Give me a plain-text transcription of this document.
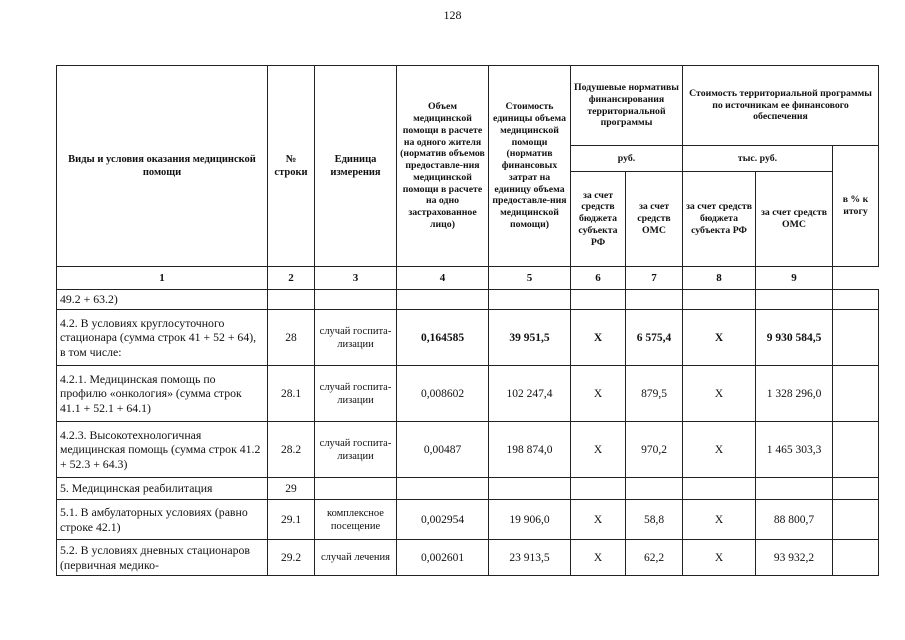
128
Виды и условия оказания медицинской помощи	№ строки	Единица измерения	Объем медицинской помощи в расчете на одного жителя (норматив объемов предоставле-ния медицинской помощи в расчете на одно застрахованное лицо)	Стоимость единицы объема медицинской помощи (норматив финансовых затрат на единицу объема предоставле-ния медицинской помощи)	Подушевые нормативы финансирования территориальной программы		Стоимость территориальной программы по источникам ее финансового обеспечения		
					руб.		тыс. руб.		в % к итогу
					за счет средств бюджета субъекта РФ	за счет средств ОМС	за счет средств бюджета субъекта РФ	за счет средств ОМС	
1	2	3	4	5	6	7	8	9	
49.2 + 63.2)									
4.2. В условиях круглосуточного стационара (сумма строк 41 + 52 + 64), в том числе:	28	случай госпита-лизации	0,164585	39 951,5	Х	6 575,4	Х	9 930 584,5	
4.2.1. Медицинская помощь по профилю «онкология» (сумма строк 41.1 + 52.1 + 64.1)	28.1	случай госпита-лизации	0,008602	102 247,4	Х	879,5	Х	1 328 296,0	
4.2.3. Высокотехнологичная медицинская помощь (сумма строк 41.2 + 52.3 + 64.3)	28.2	случай госпита-лизации	0,00487	198 874,0	Х	970,2	Х	1 465 303,3	
5. Медицинская реабилитация	29								
5.1. В амбулаторных условиях (равно строке 42.1)	29.1	комплексное посещение	0,002954	19 906,0	Х	58,8	Х	88 800,7	
5.2. В условиях дневных стационаров (первичная медико-	29.2	случай лечения	0,002601	23 913,5	Х	62,2	Х	93 932,2	
